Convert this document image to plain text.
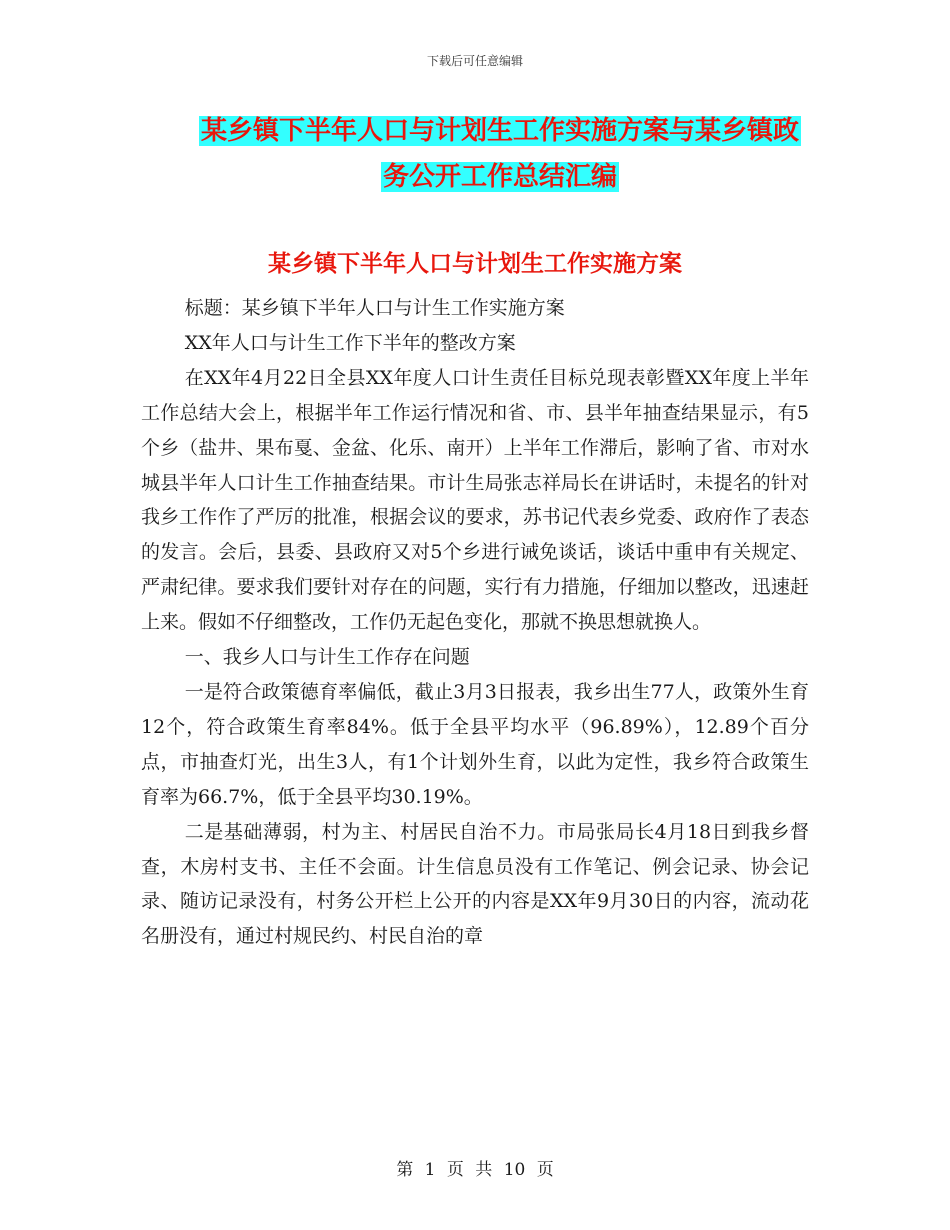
下载后可任意编辑
某乡镇下半年人口与计划生工作实施方案与某乡镇政
务公开工作总结汇编
某乡镇下半年人口与计划生工作实施方案

标题：某乡镇下半年人口与计生工作实施方案

XX年人口与计生工作下半年的整改方案

在XX年4月22日全县XX年度人口计生责任目标兑现表彰暨XX年度上半年工作总结大会上，根据半年工作运行情况和省、市、县半年抽查结果显示，有5个乡（盐井、果布戛、金盆、化乐、南开）上半年工作滞后，影响了省、市对水城县半年人口计生工作抽查结果。市计生局张志祥局长在讲话时，未提名的针对我乡工作作了严厉的批准，根据会议的要求，苏书记代表乡党委、政府作了表态的发言。会后，县委、县政府又对5个乡进行诫免谈话，谈话中重申有关规定、严肃纪律。要求我们要针对存在的问题，实行有力措施，仔细加以整改，迅速赶上来。假如不仔细整改，工作仍无起色变化，那就不换思想就换人。

一、我乡人口与计生工作存在问题

一是符合政策德育率偏低，截止3月3日报表，我乡出生77人，政策外生育12个，符合政策生育率84%。低于全县平均水平（96.89%），12.89个百分点，市抽查灯光，出生3人，有1个计划外生育，以此为定性，我乡符合政策生育率为66.7%，低于全县平均30.19%。

二是基础薄弱，村为主、村居民自治不力。市局张局长4月18日到我乡督查，木房村支书、主任不会面。计生信息员没有工作笔记、例会记录、协会记录、随访记录没有，村务公开栏上公开的内容是XX年9月30日的内容，流动花名册没有，通过村规民约、村民自治的章

第 1 页 共 10 页
